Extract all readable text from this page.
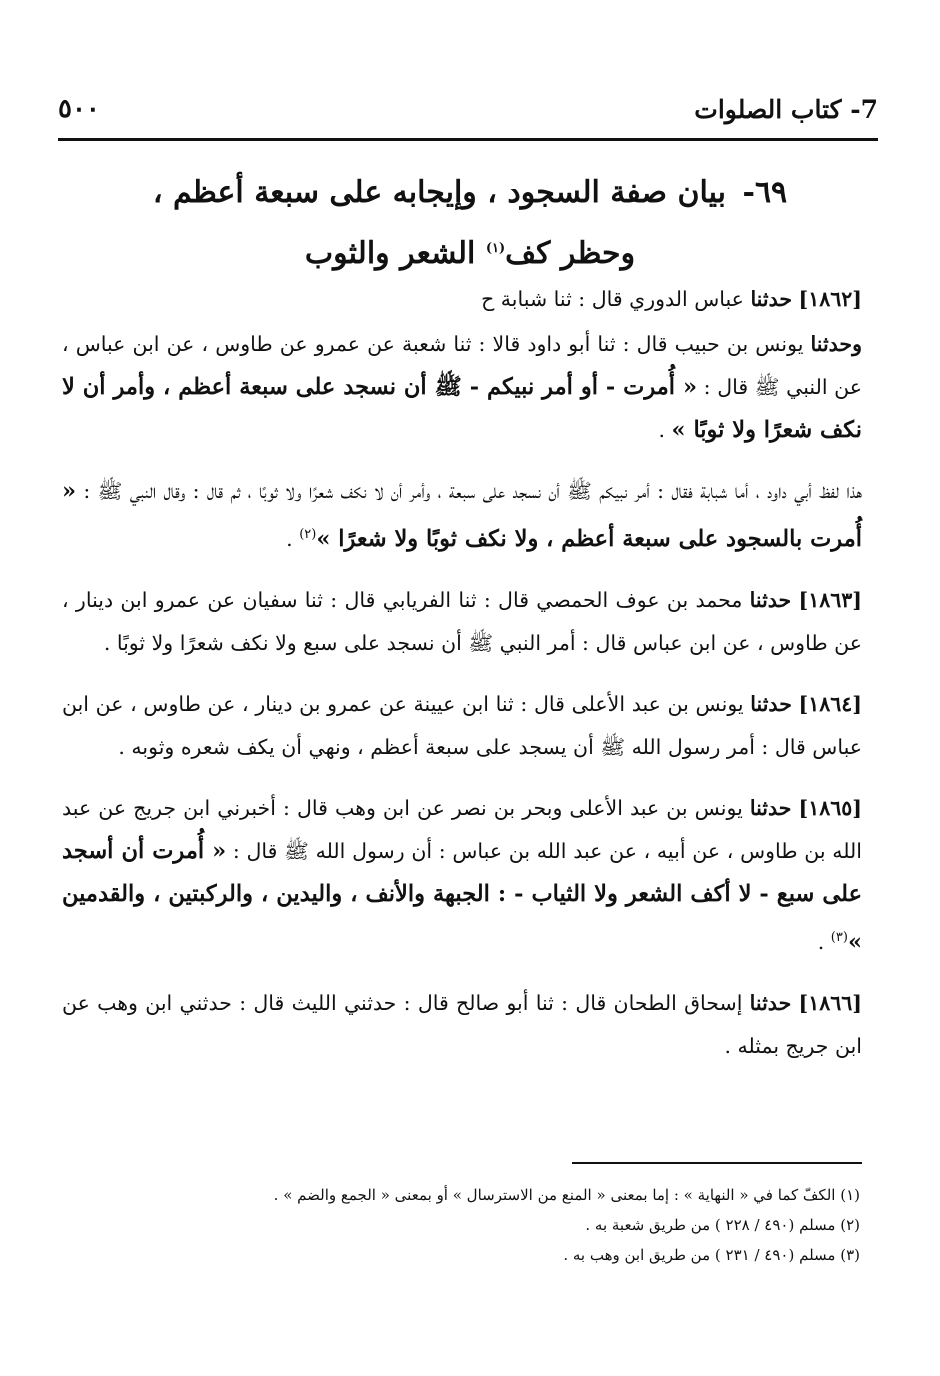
7- كتاب الصلوات
٥٠٠
٦٩- بيان صفة السجود ، وإيجابه على سبعة أعظم ،
وحظر كف$^{(١)}$ الشعر والثوب

[١٨٦٢] حدثنا عباس الدوري قال : ثنا شبابة ح

وحدثنا يونس بن حبيب قال : ثنا أبو داود قالا : ثنا شعبة عن عمرو عن طاوس ، عن ابن عباس ، عن النبي ﷺ قال : « أُمرت - أو أمر نبيكم - ﷺ أن نسجد على سبعة أعظم ، وأمر أن لا نكف شعرًا ولا ثوبًا » .

هذا لفظ أبي داود ، أما شبابة فقال : أمر نبيكم ﷺ أن نسجد على سبعة ، وأمر أن لا نكف شعرًا ولا ثوبًا ، ثم قال : وقال النبي ﷺ : « أُمرت بالسجود على سبعة أعظم ، ولا نكف ثوبًا ولا شعرًا »$^{(٢)}$ .

[١٨٦٣] حدثنا محمد بن عوف الحمصي قال : ثنا الفريابي قال : ثنا سفيان عن عمرو ابن دينار ، عن طاوس ، عن ابن عباس قال : أمر النبي ﷺ أن نسجد على سبع ولا نكف شعرًا ولا ثوبًا .

[١٨٦٤] حدثنا يونس بن عبد الأعلى قال : ثنا ابن عيينة عن عمرو بن دينار ، عن طاوس ، عن ابن عباس قال : أمر رسول الله ﷺ أن يسجد على سبعة أعظم ، ونهي أن يكف شعره وثوبه .

[١٨٦٥] حدثنا يونس بن عبد الأعلى وبحر بن نصر عن ابن وهب قال : أخبرني ابن جريج عن عبد الله بن طاوس ، عن أبيه ، عن عبد الله بن عباس : أن رسول الله ﷺ قال : « أُمرت أن أسجد على سبع - لا أكف الشعر ولا الثياب - : الجبهة والأنف ، واليدين ، والركبتين ، والقدمين »$^{(٣)}$ .

[١٨٦٦] حدثنا إسحاق الطحان قال : ثنا أبو صالح قال : حدثني الليث قال : حدثني ابن وهب عن ابن جريج بمثله .

(١) الكفّ كما في « النهاية » : إما بمعنى « المنع من الاسترسال » أو بمعنى « الجمع والضم » .
(٢) مسلم (٤٩٠ / ٢٢٨ ) من طريق شعبة به .
(٣) مسلم (٤٩٠ / ٢٣١ ) من طريق ابن وهب به .
